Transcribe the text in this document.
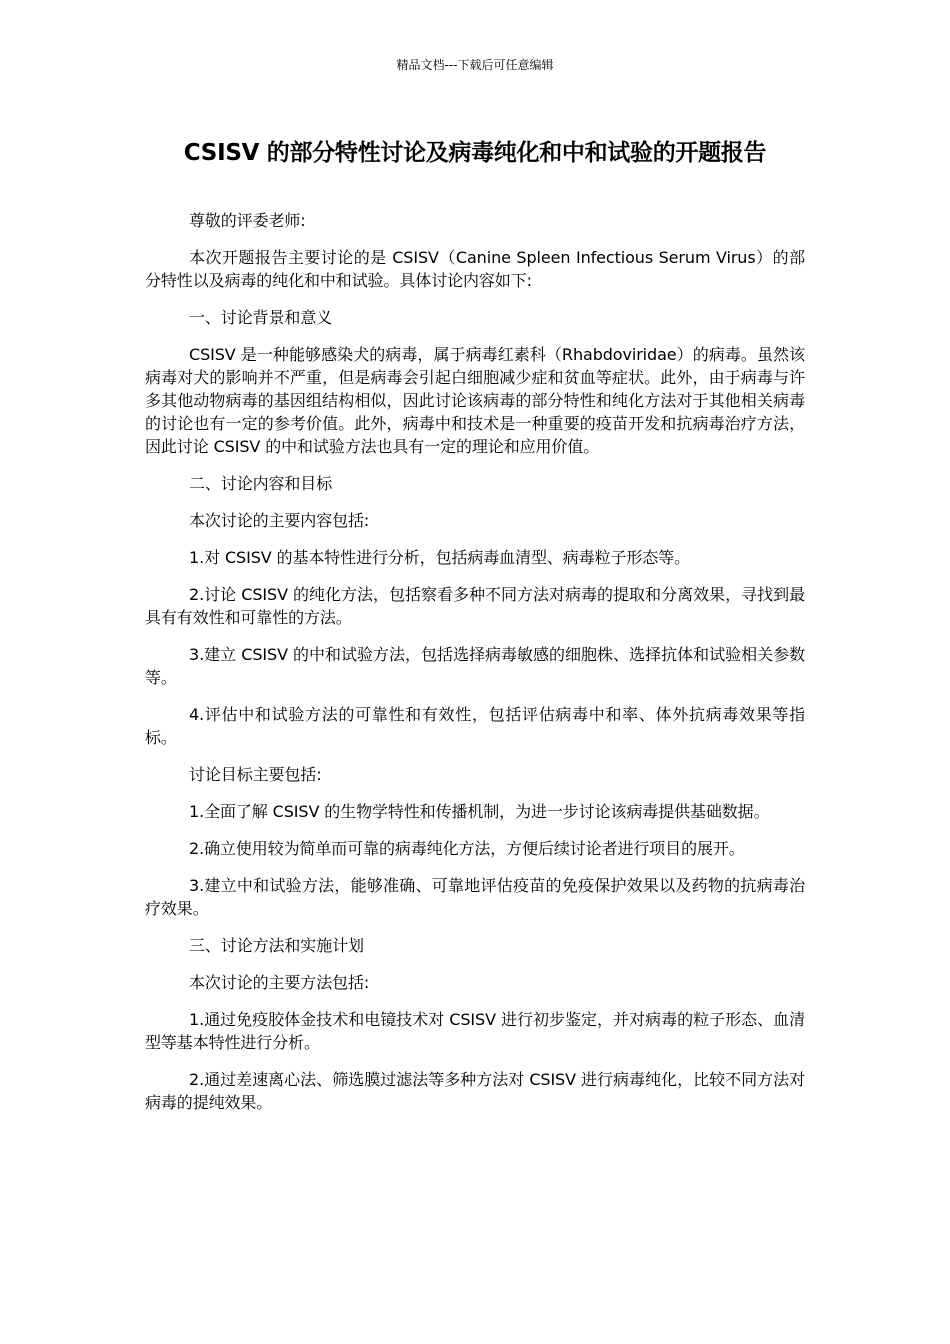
精品文档---下载后可任意编辑
CSISV 的部分特性讨论及病毒纯化和中和试验的开题报告

尊敬的评委老师:

本次开题报告主要讨论的是 CSISV（Canine Spleen Infectious Serum Virus）的部分特性以及病毒的纯化和中和试验。具体讨论内容如下:

一、讨论背景和意义

CSISV 是一种能够感染犬的病毒，属于病毒红素科（Rhabdoviridae）的病毒。虽然该病毒对犬的影响并不严重，但是病毒会引起白细胞减少症和贫血等症状。此外，由于病毒与许多其他动物病毒的基因组结构相似，因此讨论该病毒的部分特性和纯化方法对于其他相关病毒的讨论也有一定的参考价值。此外，病毒中和技术是一种重要的疫苗开发和抗病毒治疗方法，因此讨论 CSISV 的中和试验方法也具有一定的理论和应用价值。

二、讨论内容和目标

本次讨论的主要内容包括:

1.对 CSISV 的基本特性进行分析，包括病毒血清型、病毒粒子形态等。

2.讨论 CSISV 的纯化方法，包括察看多种不同方法对病毒的提取和分离效果，寻找到最具有有效性和可靠性的方法。

3.建立 CSISV 的中和试验方法，包括选择病毒敏感的细胞株、选择抗体和试验相关参数等。

4.评估中和试验方法的可靠性和有效性，包括评估病毒中和率、体外抗病毒效果等指标。

讨论目标主要包括:

1.全面了解 CSISV 的生物学特性和传播机制，为进一步讨论该病毒提供基础数据。

2.确立使用较为简单而可靠的病毒纯化方法，方便后续讨论者进行项目的展开。

3.建立中和试验方法，能够准确、可靠地评估疫苗的免疫保护效果以及药物的抗病毒治疗效果。

三、讨论方法和实施计划

本次讨论的主要方法包括:

1.通过免疫胶体金技术和电镜技术对 CSISV 进行初步鉴定，并对病毒的粒子形态、血清型等基本特性进行分析。

2.通过差速离心法、筛选膜过滤法等多种方法对 CSISV 进行病毒纯化，比较不同方法对病毒的提纯效果。
